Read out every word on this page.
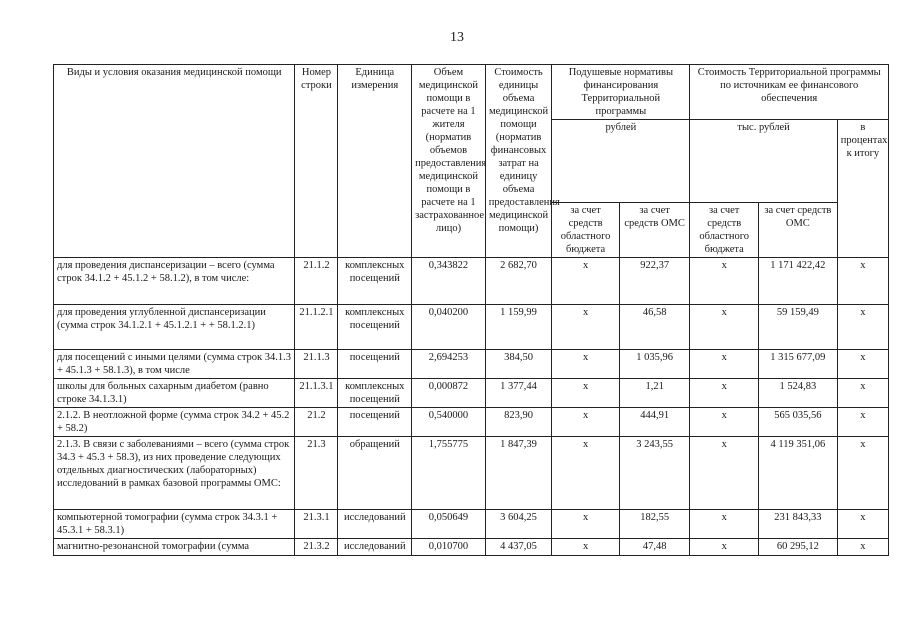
13
Виды и условия оказания медицинской помощи	Номер строки	Единица измерения	Объем медицинской помощи в расчете на 1 жителя (норматив объемов предоставления медицинской помощи в расчете на 1 застрахованное лицо)	Стоимость единицы объема медицинской помощи (норматив финансовых затрат на единицу объема предоставления медицинской помощи)	Подушевые нормативы финансирования Территориальной программы		Стоимость Территориальной программы по источникам ее финансового обеспечения		
					рублей		тыс. рублей		в процентах к итогу
					за счет средств областного бюджета	за счет средств ОМС	за счет средств областного бюджета	за счет средств ОМС	
для проведения диспансеризации – всего (сумма строк 34.1.2 + 45.1.2 + 58.1.2), в том числе:	21.1.2	комплексных посещений	0,343822	2 682,70	х	922,37	х	1 171 422,42	х
для проведения углубленной диспансеризации (сумма строк 34.1.2.1 + 45.1.2.1 + + 58.1.2.1)	21.1.2.1	комплексных посещений	0,040200	1 159,99	х	46,58	х	59 159,49	х
для посещений с иными целями (сумма строк 34.1.3 + 45.1.3 + 58.1.3), в том числе	21.1.3	посещений	2,694253	384,50	х	1 035,96	х	1 315 677,09	х
школы для больных сахарным диабетом (равно строке 34.1.3.1)	21.1.3.1	комплексных посещений	0,000872	1 377,44	х	1,21	х	1 524,83	х
2.1.2. В неотложной форме (сумма строк 34.2 + 45.2 + 58.2)	21.2	посещений	0,540000	823,90	х	444,91	х	565 035,56	х
2.1.3. В связи с заболеваниями – всего (сумма строк 34.3 + 45.3 + 58.3), из них проведение следующих отдельных диагностических (лабораторных) исследований в рамках базовой программы ОМС:	21.3	обращений	1,755775	1 847,39	х	3 243,55	х	4 119 351,06	х
компьютерной томографии (сумма строк 34.3.1 + 45.3.1 + 58.3.1)	21.3.1	исследований	0,050649	3 604,25	х	182,55	х	231 843,33	х
магнитно-резонансной томографии (сумма	21.3.2	исследований	0,010700	4 437,05	х	47,48	х	60 295,12	х
